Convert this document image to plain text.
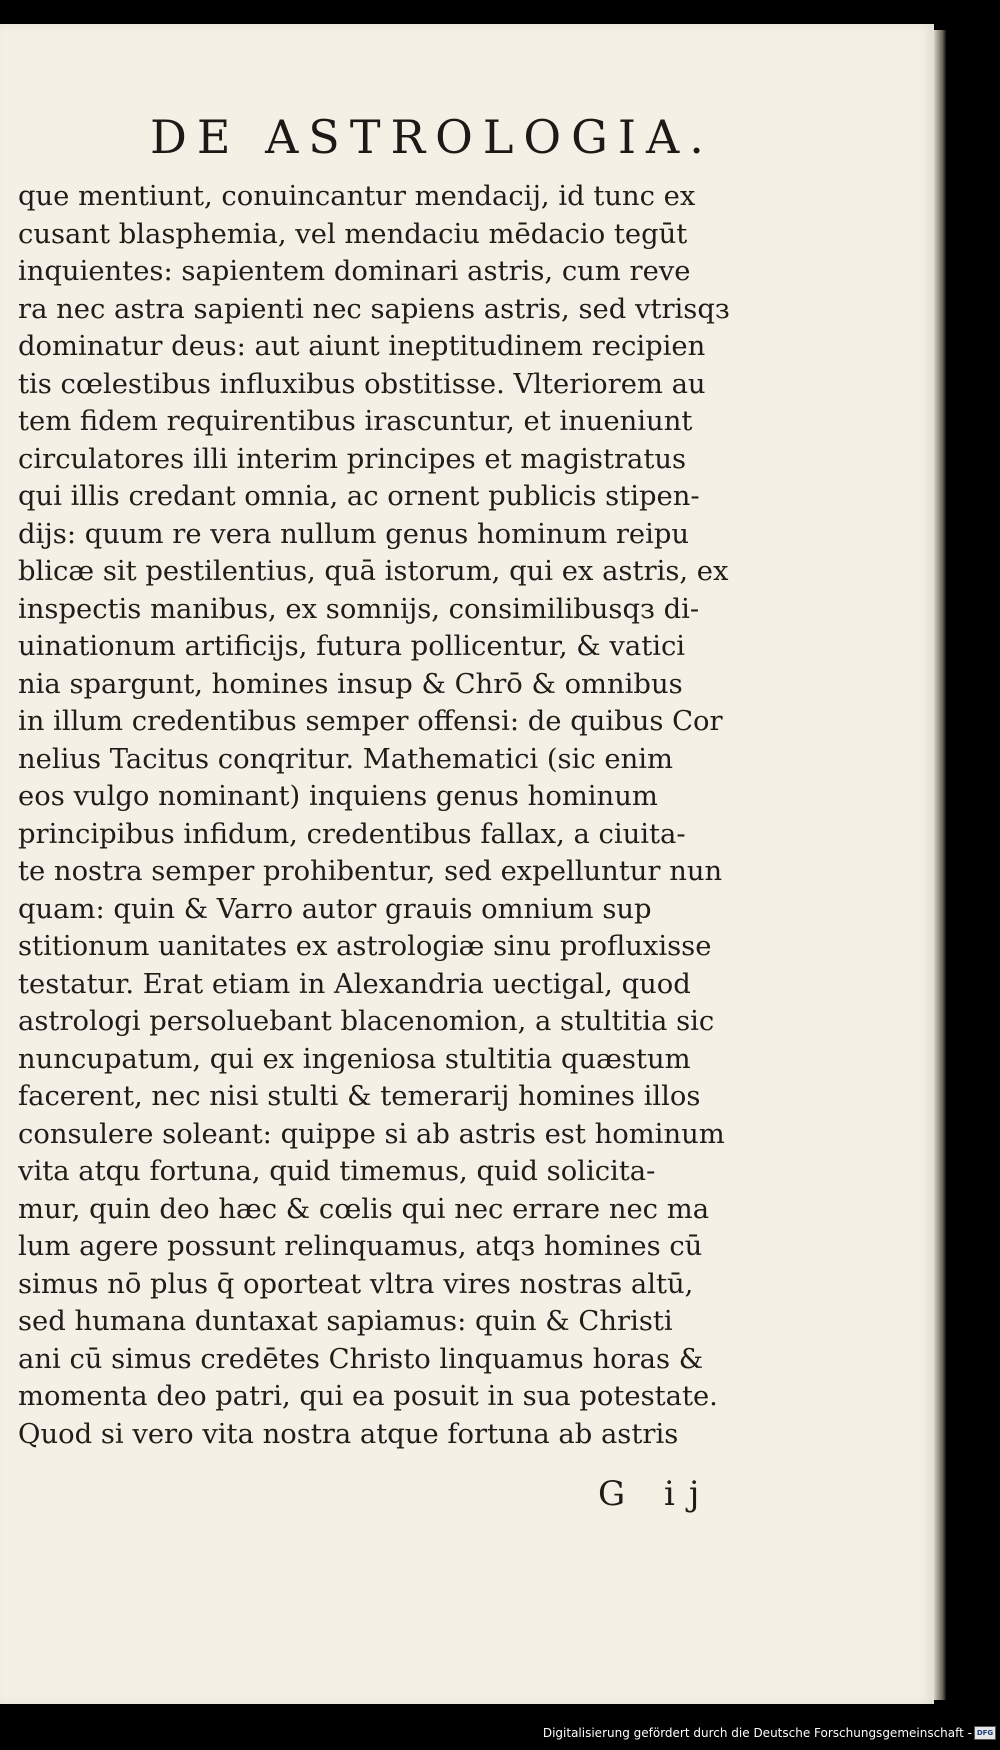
DE ASTROLOGIA.
que mentiunt, conuincantur mendacij, id tunc ex
cusant blasphemia, vel mendaciu mēdacio tegūt
inquientes: sapientem dominari astris, cum reve
ra nec astra sapienti nec sapiens astris, sed vtrisqз
dominatur deus: aut aiunt ineptitudinem recipien
tis cœlestibus influxibus obstitisse. Vlteriorem au
tem fidem requirentibus irascuntur, et inueniunt
circulatores illi interim principes et magistratus
qui illis credant omnia, ac ornent publicis stipen-
dijs: quum re vera nullum genus hominum reipu
blicæ sit pestilentius, quā istorum, qui ex astris, ex
inspectis manibus, ex somnijs, consimilibusqз di-
uinationum artificijs, futura pollicentur, & vatici
nia spargunt, homines insup & Chrō & omnibus
in illum credentibus semper offensi: de quibus Cor
nelius Tacitus conqritur. Mathematici (sic enim
eos vulgo nominant) inquiens genus hominum
principibus infidum, credentibus fallax, a ciuita-
te nostra semper prohibentur, sed expelluntur nun
quam: quin & Varro autor grauis omnium sup
stitionum uanitates ex astrologiæ sinu profluxisse
testatur. Erat etiam in Alexandria uectigal, quod
astrologi persoluebant blacenomion, a stultitia sic
nuncupatum, qui ex ingeniosa stultitia quæstum
facerent, nec nisi stulti & temerarij homines illos
consulere soleant: quippe si ab astris est hominum
vita atqu fortuna, quid timemus, quid solicita-
mur, quin deo hæc & cœlis qui nec errare nec ma
lum agere possunt relinquamus, atqз homines cū
simus nō plus q̄ oporteat vltra vires nostras altū,
sed humana duntaxat sapiamus: quin & Christi
ani cū simus credētes Christo linquamus horas &
momenta deo patri, qui ea posuit in sua potestate.
Quod si vero vita nostra atque fortuna ab astris
G ij
Digitalisierung gefördert durch die Deutsche Forschungsgemeinschaft - DFG
